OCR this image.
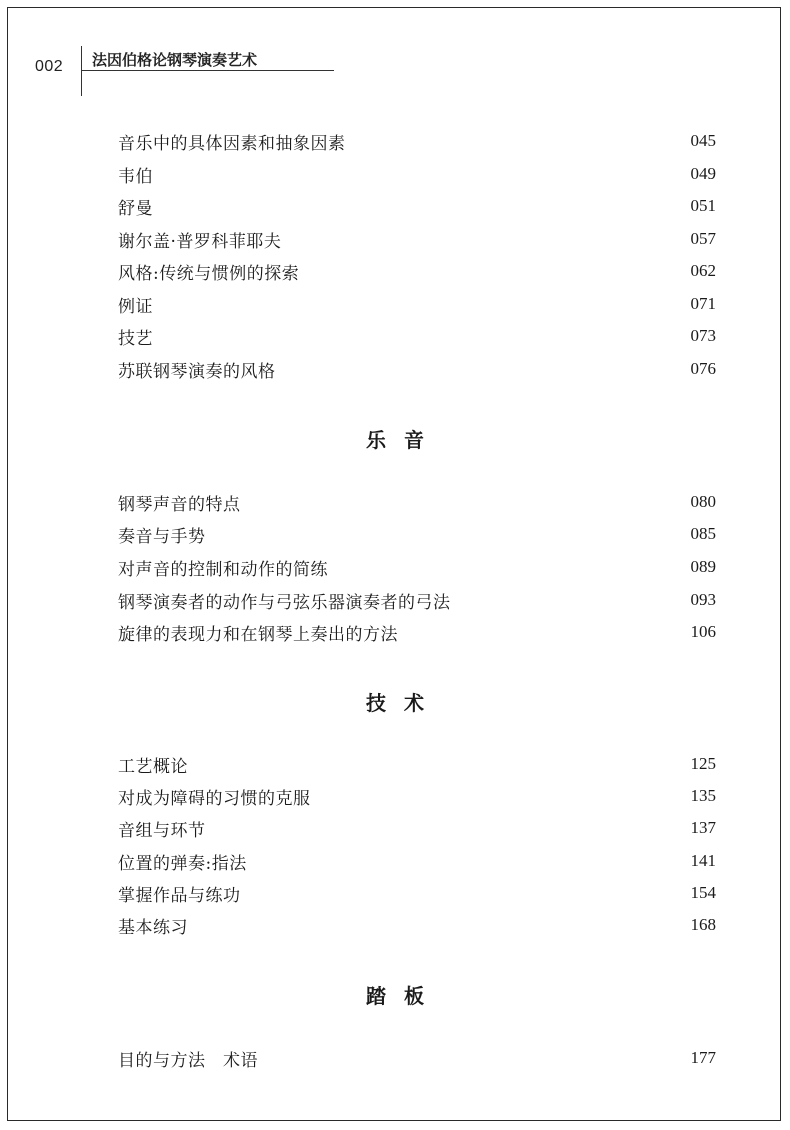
002 法因伯格论钢琴演奏艺术
音乐中的具体因素和抽象因素	045
韦伯	049
舒曼	051
谢尔盖·普罗科菲耶夫	057
风格:传统与惯例的探索	062
例证	071
技艺	073
苏联钢琴演奏的风格	076
乐音
钢琴声音的特点	080
奏音与手势	085
对声音的控制和动作的简练	089
钢琴演奏者的动作与弓弦乐器演奏者的弓法	093
旋律的表现力和在钢琴上奏出的方法	106
技术
工艺概论	125
对成为障碍的习惯的克服	135
音组与环节	137
位置的弹奏:指法	141
掌握作品与练功	154
基本练习	168
踏板
目的与方法　术语	177
